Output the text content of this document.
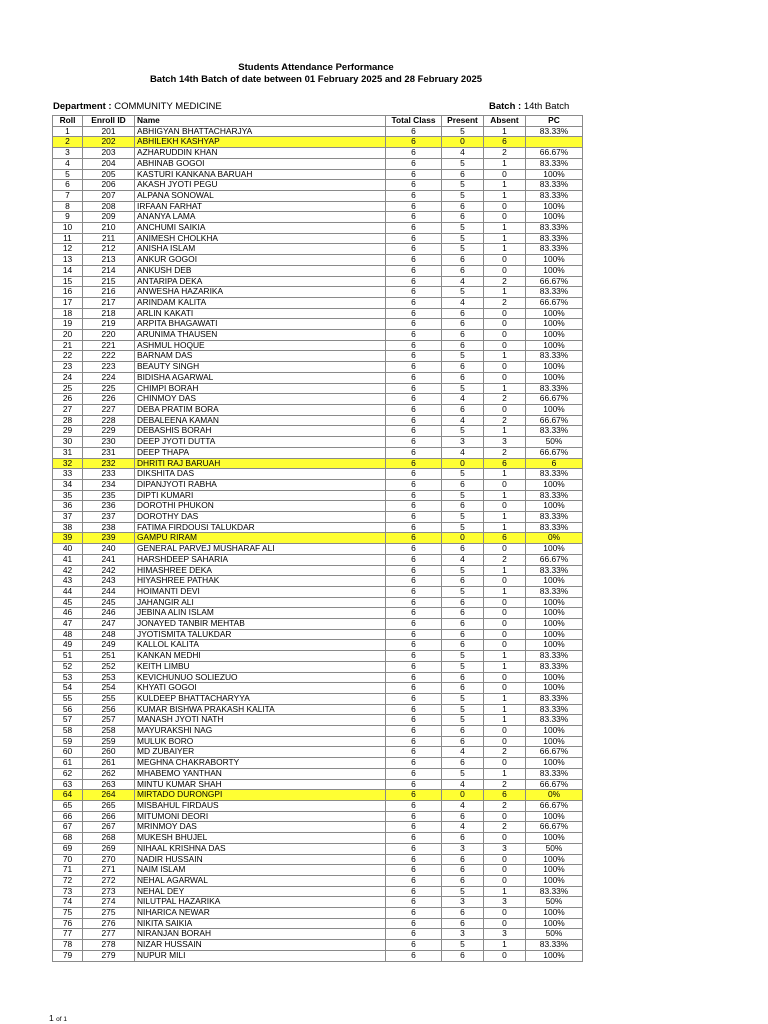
Students Attendance Performance
Batch 14th Batch of date between 01 February 2025 and 28 February 2025
Department : COMMUNITY MEDICINE	Batch : 14th Batch
Roll	Enroll ID	Name	Total Class	Present	Absent	PC
1	201	ABHIGYAN BHATTACHARJYA	6	5	1	83.33%
2	202	ABHILEKH KASHYAP	6	0	6	
3	203	AZHARUDDIN KHAN	6	4	2	66.67%
4	204	ABHINAB GOGOI	6	5	1	83.33%
5	205	KASTURI KANKANA BARUAH	6	6	0	100%
6	206	AKASH JYOTI PEGU	6	5	1	83.33%
7	207	ALPANA SONOWAL	6	5	1	83.33%
8	208	IRFAAN FARHAT	6	6	0	100%
9	209	ANANYA LAMA	6	6	0	100%
10	210	ANCHUMI SAIKIA	6	5	1	83.33%
11	211	ANIMESH CHOLKHA	6	5	1	83.33%
12	212	ANISHA ISLAM	6	5	1	83.33%
13	213	ANKUR GOGOI	6	6	0	100%
14	214	ANKUSH DEB	6	6	0	100%
15	215	ANTARIPA DEKA	6	4	2	66.67%
16	216	ANWESHA HAZARIKA	6	5	1	83.33%
17	217	ARINDAM KALITA	6	4	2	66.67%
18	218	ARLIN KAKATI	6	6	0	100%
19	219	ARPITA BHAGAWATI	6	6	0	100%
20	220	ARUNIMA THAUSEN	6	6	0	100%
21	221	ASHMUL HOQUE	6	6	0	100%
22	222	BARNAM DAS	6	5	1	83.33%
23	223	BEAUTY SINGH	6	6	0	100%
24	224	BIDISHA AGARWAL	6	6	0	100%
25	225	CHIMPI BORAH	6	5	1	83.33%
26	226	CHINMOY DAS	6	4	2	66.67%
27	227	DEBA PRATIM BORA	6	6	0	100%
28	228	DEBALEENA KAMAN	6	4	2	66.67%
29	229	DEBASHIS BORAH	6	5	1	83.33%
30	230	DEEP JYOTI DUTTA	6	3	3	50%
31	231	DEEP THAPA	6	4	2	66.67%
32	232	DHRITI RAJ BARUAH	6	0	6	6
33	233	DIKSHITA DAS	6	5	1	83.33%
34	234	DIPANJYOTI RABHA	6	6	0	100%
35	235	DIPTI KUMARI	6	5	1	83.33%
36	236	DOROTHI PHUKON	6	6	0	100%
37	237	DOROTHY DAS	6	5	1	83.33%
38	238	FATIMA FIRDOUSI TALUKDAR	6	5	1	83.33%
39	239	GAMPU RIRAM	6	0	6	0%
40	240	GENERAL PARVEJ MUSHARAF ALI	6	6	0	100%
41	241	HARSHDEEP SAHARIA	6	4	2	66.67%
42	242	HIMASHREE DEKA	6	5	1	83.33%
43	243	HIYASHREE PATHAK	6	6	0	100%
44	244	HOIMANTI DEVI	6	5	1	83.33%
45	245	JAHANGIR ALI	6	6	0	100%
46	246	JEBINA ALIN ISLAM	6	6	0	100%
47	247	JONAYED TANBIR MEHTAB	6	6	0	100%
48	248	JYOTISMITA TALUKDAR	6	6	0	100%
49	249	KALLOL KALITA	6	6	0	100%
51	251	KANKAN MEDHI	6	5	1	83.33%
52	252	KEITH LIMBU	6	5	1	83.33%
53	253	KEVICHUNUO SOLIEZUO	6	6	0	100%
54	254	KHYATI GOGOI	6	6	0	100%
55	255	KULDEEP BHATTACHARYYA	6	5	1	83.33%
56	256	KUMAR BISHWA PRAKASH KALITA	6	5	1	83.33%
57	257	MANASH JYOTI NATH	6	5	1	83.33%
58	258	MAYURAKSHI NAG	6	6	0	100%
59	259	MULUK BORO	6	6	0	100%
60	260	MD ZUBAIYER	6	4	2	66.67%
61	261	MEGHNA CHAKRABORTY	6	6	0	100%
62	262	MHABEMO YANTHAN	6	5	1	83.33%
63	263	MINTU KUMAR SHAH	6	4	2	66.67%
64	264	MIRTADO DURONGPI	6	0	6	0%
65	265	MISBAHUL FIRDAUS	6	4	2	66.67%
66	266	MITUMONI DEORI	6	6	0	100%
67	267	MRINMOY DAS	6	4	2	66.67%
68	268	MUKESH BHUJEL	6	6	0	100%
69	269	NIHAAL KRISHNA DAS	6	3	3	50%
70	270	NADIR HUSSAIN	6	6	0	100%
71	271	NAIM ISLAM	6	6	0	100%
72	272	NEHAL AGARWAL	6	6	0	100%
73	273	NEHAL DEY	6	5	1	83.33%
74	274	NILUTPAL HAZARIKA	6	3	3	50%
75	275	NIHARICA NEWAR	6	6	0	100%
76	276	NIKITA SAIKIA	6	6	0	100%
77	277	NIRANJAN BORAH	6	3	3	50%
78	278	NIZAR HUSSAIN	6	5	1	83.33%
79	279	NUPUR MILI	6	6	0	100%
1 of 1
